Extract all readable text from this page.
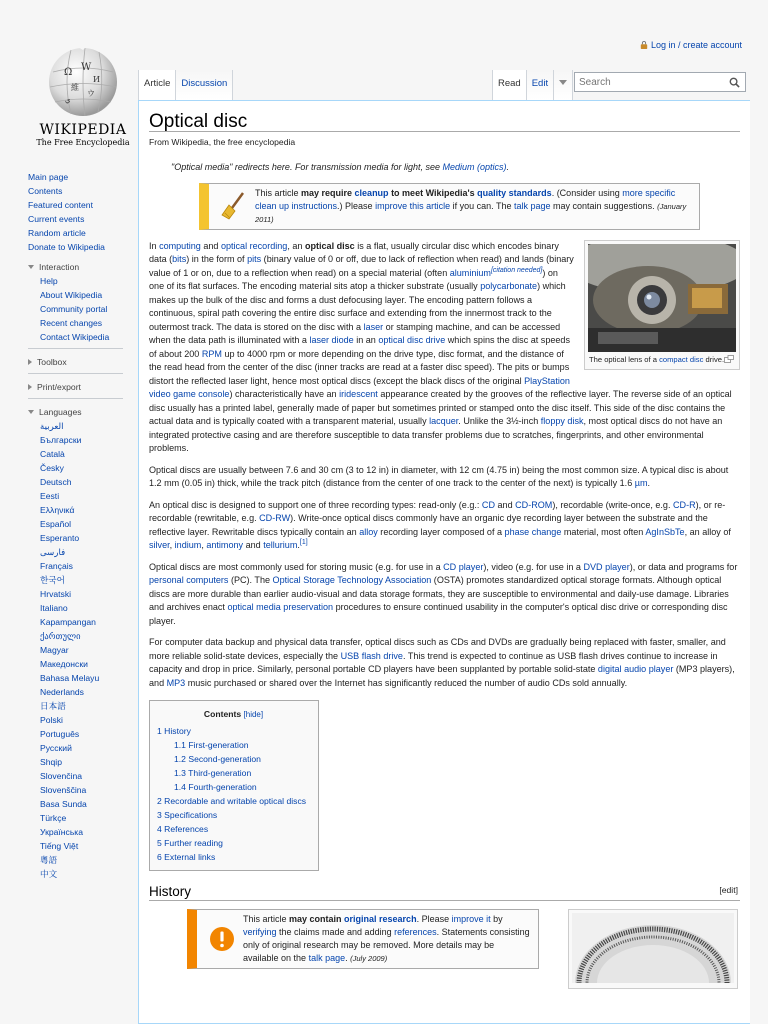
Log in / create account
Ω W
И
維
ウ
ي
WIKIPEDIA
The Free Encyclopedia
Main page
Contents
Featured content
Current events
Random article
Donate to Wikipedia
Interaction
Help
About Wikipedia
Community portal
Recent changes
Contact Wikipedia
Toolbox
Print/export
Languages
العربية
Български
Català
Česky
Deutsch
Eesti
Ελληνικά
Español
Esperanto
فارسی
Français
한국어
Hrvatski
Italiano
Kapampangan
ქართული
Magyar
Македонски
Bahasa Melayu
Nederlands
日本語
Polski
Português
Русский
Shqip
Slovenčina
Slovenščina
Basa Sunda
Türkçe
Українська
Tiếng Việt
粵語
中文
Article	Discussion	Read	Edit
Search
Optical disc
From Wikipedia, the free encyclopedia
"Optical media" redirects here. For transmission media for light, see Medium (optics).
This article may require cleanup to meet Wikipedia's quality standards. (Consider using more specific clean up instructions.) Please improve this article if you can. The talk page may contain suggestions. (January 2011)
The optical lens of a compact disc drive.

In computing and optical recording, an optical disc is a flat, usually circular disc which encodes binary data (bits) in the form of pits (binary value of 0 or off, due to lack of reflection when read) and lands (binary value of 1 or on, due to a reflection when read) on a special material (often aluminium[citation needed]) on one of its flat surfaces. The encoding material sits atop a thicker substrate (usually polycarbonate) which makes up the bulk of the disc and forms a dust defocusing layer. The encoding pattern follows a continuous, spiral path covering the entire disc surface and extending from the innermost track to the outermost track. The data is stored on the disc with a laser or stamping machine, and can be accessed when the data path is illuminated with a laser diode in an optical disc drive which spins the disc at speeds of about 200 RPM up to 4000 rpm or more depending on the drive type, disc format, and the distance of the read head from the center of the disc (inner tracks are read at a faster disc speed). The pits or bumps distort the reflected laser light, hence most optical discs (except the black discs of the original PlayStation video game console) characteristically have an iridescent appearance created by the grooves of the reflective layer. The reverse side of an optical disc usually has a printed label, generally made of paper but sometimes printed or stamped onto the disc itself. This side of the disc contains the actual data and is typically coated with a transparent material, usually lacquer. Unlike the 3½-inch floppy disk, most optical discs do not have an integrated protective casing and are therefore susceptible to data transfer problems due to scratches, fingerprints, and other environmental problems.

Optical discs are usually between 7.6 and 30 cm (3 to 12 in) in diameter, with 12 cm (4.75 in) being the most common size. A typical disc is about 1.2 mm (0.05 in) thick, while the track pitch (distance from the center of one track to the center of the next) is typically 1.6 µm.

An optical disc is designed to support one of three recording types: read-only (e.g.: CD and CD-ROM), recordable (write-once, e.g. CD-R), or re-recordable (rewritable, e.g. CD-RW). Write-once optical discs commonly have an organic dye recording layer between the substrate and the reflective layer. Rewritable discs typically contain an alloy recording layer composed of a phase change material, most often AgInSbTe, an alloy of silver, indium, antimony and tellurium.[1]

Optical discs are most commonly used for storing music (e.g. for use in a CD player), video (e.g. for use in a DVD player), or data and programs for personal computers (PC). The Optical Storage Technology Association (OSTA) promotes standardized optical storage formats. Although optical discs are more durable than earlier audio-visual and data storage formats, they are susceptible to environmental and daily-use damage. Libraries and archives enact optical media preservation procedures to ensure continued usability in the computer's optical disc drive or corresponding disc player.

For computer data backup and physical data transfer, optical discs such as CDs and DVDs are gradually being replaced with faster, smaller, and more reliable solid-state devices, especially the USB flash drive. This trend is expected to continue as USB flash drives continue to increase in capacity and drop in price. Similarly, personal portable CD players have been supplanted by portable solid-state digital audio player (MP3 players), and MP3 music purchased or shared over the Internet has significantly reduced the number of audio CDs sold annually.

Contents [hide]
1 History
1.1 First-generation
1.2 Second-generation
1.3 Third-generation
1.4 Fourth-generation
2 Recordable and writable optical discs
3 Specifications
4 References
5 Further reading
6 External links
History	[edit]
This article may contain original research. Please improve it by verifying the claims made and adding references. Statements consisting only of original research may be removed. More details may be available on the talk page. (July 2009)
